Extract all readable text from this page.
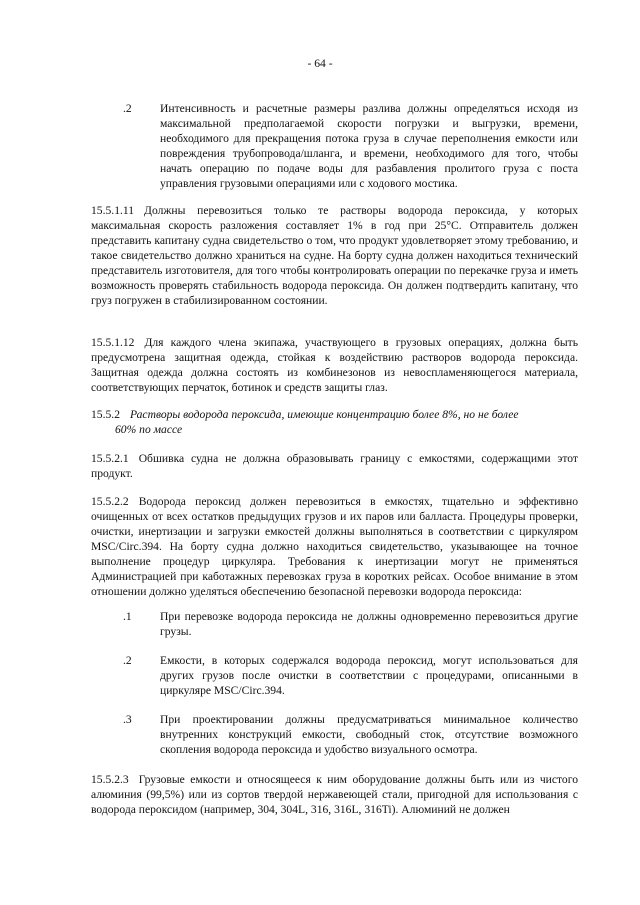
- 64 -
.2 Интенсивность и расчетные размеры разлива должны определяться исходя из максимальной предполагаемой скорости погрузки и выгрузки, времени, необходимого для прекращения потока груза в случае переполнения емкости или повреждения трубопровода/шланга, и времени, необходимого для того, чтобы начать операцию по подаче воды для разбавления пролитого груза с поста управления грузовыми операциями или с ходового мостика.
15.5.1.11 Должны перевозиться только те растворы водорода пероксида, у которых максимальная скорость разложения составляет 1% в год при 25°C. Отправитель должен представить капитану судна свидетельство о том, что продукт удовлетворяет этому требованию, и такое свидетельство должно храниться на судне. На борту судна должен находиться технический представитель изготовителя, для того чтобы контролировать операции по перекачке груза и иметь возможность проверять стабильность водорода пероксида. Он должен подтвердить капитану, что груз погружен в стабилизированном состоянии.
15.5.1.12 Для каждого члена экипажа, участвующего в грузовых операциях, должна быть предусмотрена защитная одежда, стойкая к воздействию растворов водорода пероксида. Защитная одежда должна состоять из комбинезонов из невоспламеняющегося материала, соответствующих перчаток, ботинок и средств защиты глаз.
15.5.2 Растворы водорода пероксида, имеющие концентрацию более 8%, но не более
60% по массе
15.5.2.1 Обшивка судна не должна образовывать границу с емкостями, содержащими этот продукт.
15.5.2.2 Водорода пероксид должен перевозиться в емкостях, тщательно и эффективно очищенных от всех остатков предыдущих грузов и их паров или балласта. Процедуры проверки, очистки, инертизации и загрузки емкостей должны выполняться в соответствии с циркуляром MSC/Circ.394. На борту судна должно находиться свидетельство, указывающее на точное выполнение процедур циркуляра. Требования к инертизации могут не применяться Администрацией при каботажных перевозках груза в коротких рейсах. Особое внимание в этом отношении должно уделяться обеспечению безопасной перевозки водорода пероксида:
.1 При перевозке водорода пероксида не должны одновременно перевозиться другие грузы.
.2 Емкости, в которых содержался водорода пероксид, могут использоваться для других грузов после очистки в соответствии с процедурами, описанными в циркуляре MSC/Circ.394.
.3 При проектировании должны предусматриваться минимальное количество внутренних конструкций емкости, свободный сток, отсутствие возможного скопления водорода пероксида и удобство визуального осмотра.
15.5.2.3 Грузовые емкости и относящееся к ним оборудование должны быть или из чистого алюминия (99,5%) или из сортов твердой нержавеющей стали, пригодной для использования с водорода пероксидом (например, 304, 304L, 316, 316L, 316Ti). Алюминий не должен
